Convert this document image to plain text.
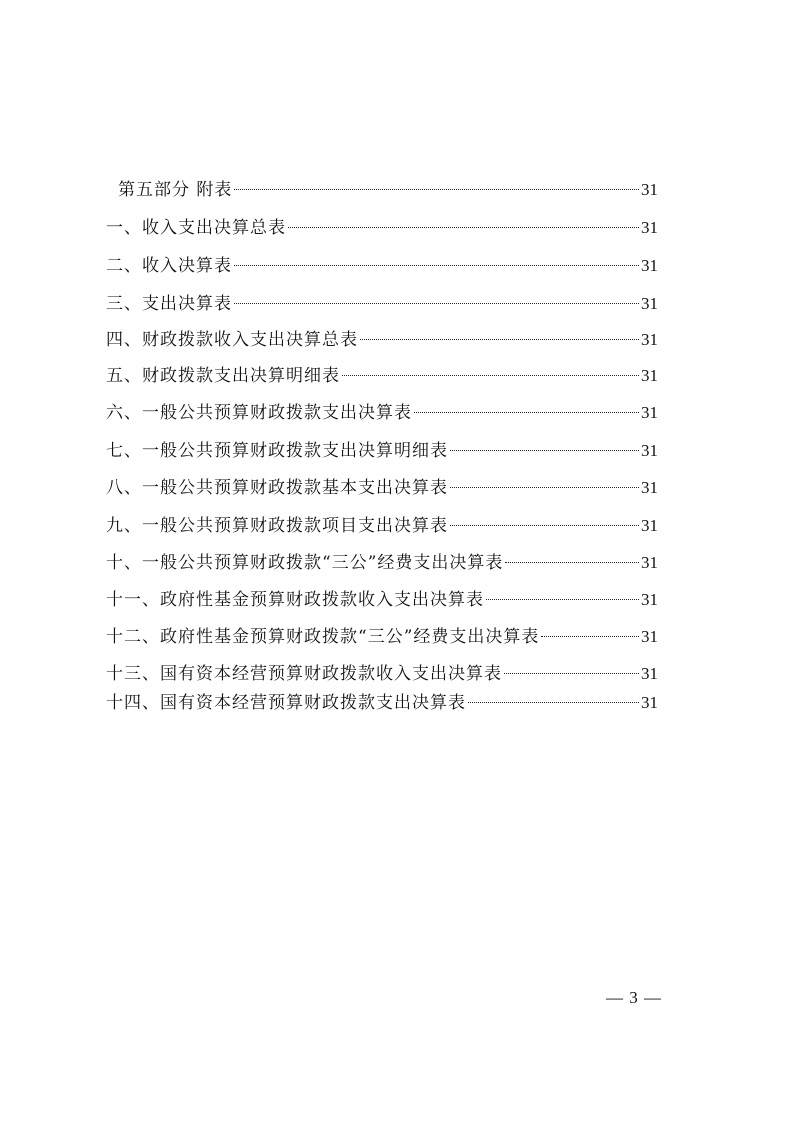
第五部分 附表	31
一、收入支出决算总表	31
二、收入决算表	31
三、支出决算表	31
四、财政拨款收入支出决算总表	31
五、财政拨款支出决算明细表	31
六、一般公共预算财政拨款支出决算表	31
七、一般公共预算财政拨款支出决算明细表	31
八、一般公共预算财政拨款基本支出决算表	31
九、一般公共预算财政拨款项目支出决算表	31
十、一般公共预算财政拨款“三公”经费支出决算表	31
十一、政府性基金预算财政拨款收入支出决算表	31
十二、政府性基金预算财政拨款“三公”经费支出决算表	31
十三、国有资本经营预算财政拨款收入支出决算表	31
十四、国有资本经营预算财政拨款支出决算表	31
— 3 —
